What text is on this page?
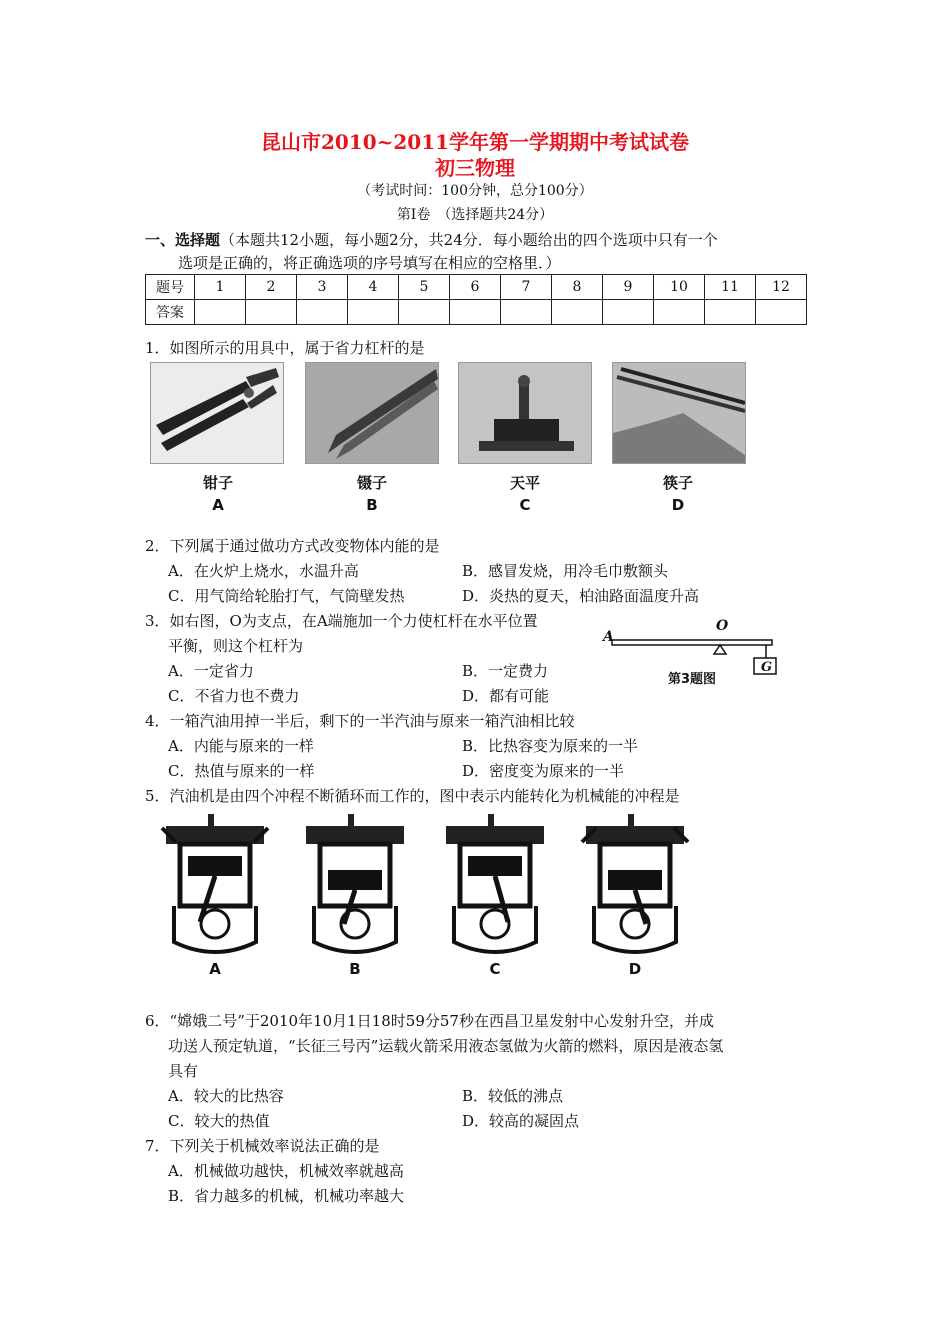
昆山市2010~2011学年第一学期期中考试试卷
初三物理
（考试时间：100分钟，总分100分）
第Ⅰ卷　（选择题共24分）
一、选择题（本题共12小题，每小题2分，共24分．每小题给出的四个选项中只有一个
选项是正确的，将正确选项的序号填写在相应的空格里．）
题号	1	2	3	4	5	6	7	8	9	10	11	12
答案												
1．如图所示的用具中，属于省力杠杆的是
钳子
A
镊子
B
天平
C
筷子
D
2．下列属于通过做功方式改变物体内能的是
A．在火炉上烧水，水温升高	B．感冒发烧，用冷毛巾敷额头
C．用气筒给轮胎打气，气筒壁发热	D．炎热的夏天，柏油路面温度升高
3．如右图，O为支点，在A端施加一个力使杠杆在水平位置
平衡，则这个杠杆为
A．一定省力	B．一定费力
C．不省力也不费力	D．都有可能
A
O
G
第3题图
4．一箱汽油用掉一半后，剩下的一半汽油与原来一箱汽油相比较
A．内能与原来的一样	B．比热容变为原来的一半
C．热值与原来的一样	D．密度变为原来的一半
5．汽油机是由四个冲程不断循环而工作的，图中表示内能转化为机械能的冲程是
A	B	C	D
6．“嫦娥二号”于2010年10月1日18时59分57秒在西昌卫星发射中心发射升空，并成
功送人预定轨道，“长征三号丙”运载火箭采用液态氢做为火箭的燃料，原因是液态氢
具有
A．较大的比热容	B．较低的沸点
C．较大的热值	D．较高的凝固点
7．下列关于机械效率说法正确的是
A．机械做功越快，机械效率就越高
B．省力越多的机械，机械功率越大
